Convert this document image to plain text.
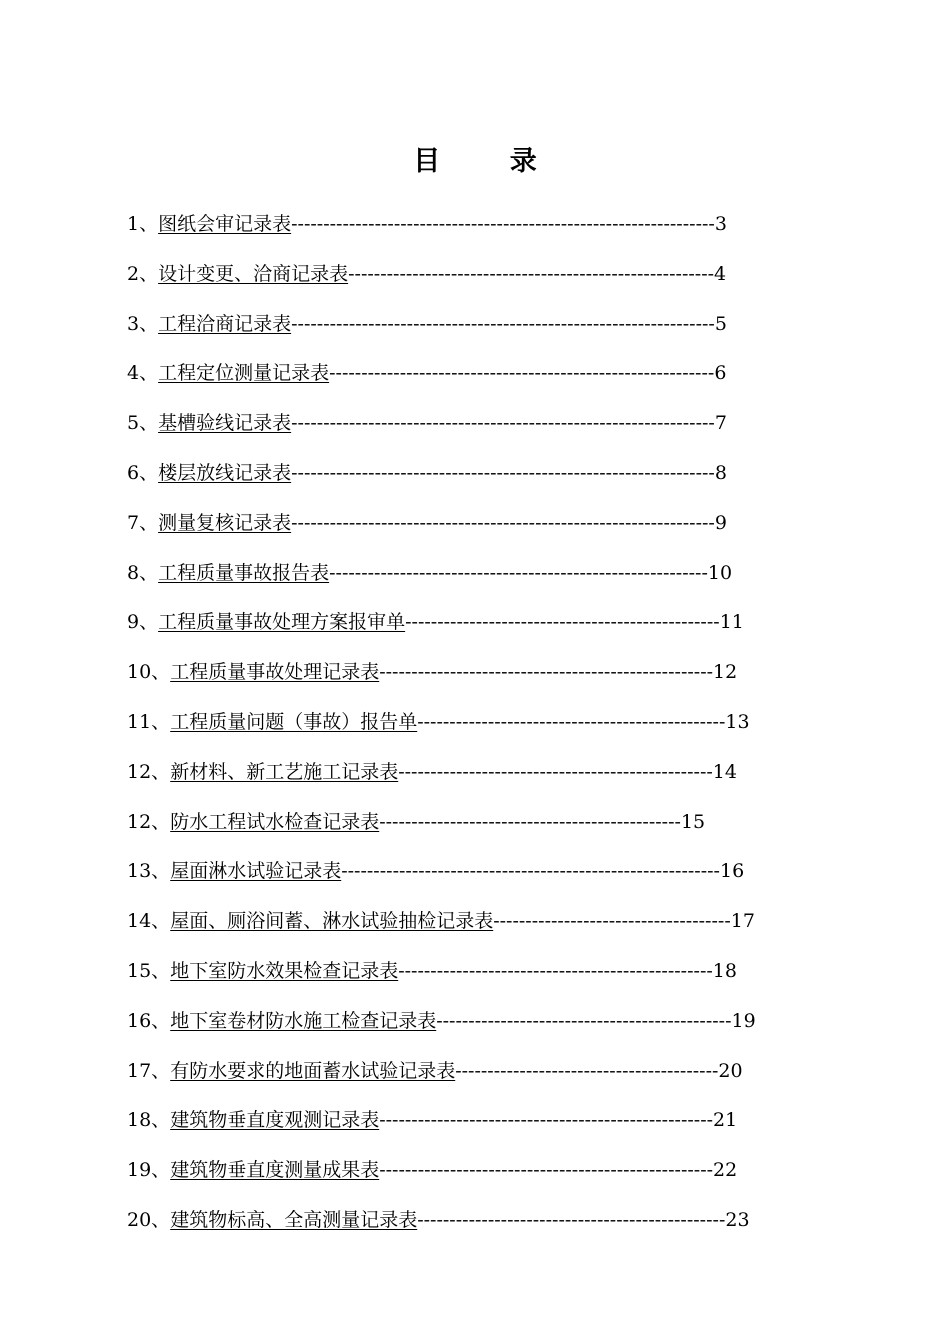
目 录
1、图纸会审记录表------------------------------------------------------------------3
2、设计变更、洽商记录表---------------------------------------------------------4
3、工程洽商记录表------------------------------------------------------------------5
4、工程定位测量记录表------------------------------------------------------------6
5、基槽验线记录表------------------------------------------------------------------7
6、楼层放线记录表------------------------------------------------------------------8
7、测量复核记录表------------------------------------------------------------------9
8、工程质量事故报告表-----------------------------------------------------------10
9、工程质量事故处理方案报审单-------------------------------------------------11
10、工程质量事故处理记录表----------------------------------------------------12
11、工程质量问题（事故）报告单------------------------------------------------13
12、新材料、新工艺施工记录表-------------------------------------------------14
12、防水工程试水检查记录表-----------------------------------------------15
13、屋面淋水试验记录表-----------------------------------------------------------16
14、屋面、厕浴间蓄、淋水试验抽检记录表-------------------------------------17
15、地下室防水效果检查记录表-------------------------------------------------18
16、地下室卷材防水施工检查记录表----------------------------------------------19
17、有防水要求的地面蓄水试验记录表-----------------------------------------20
18、建筑物垂直度观测记录表----------------------------------------------------21
19、建筑物垂直度测量成果表----------------------------------------------------22
20、建筑物标高、全高测量记录表------------------------------------------------23
